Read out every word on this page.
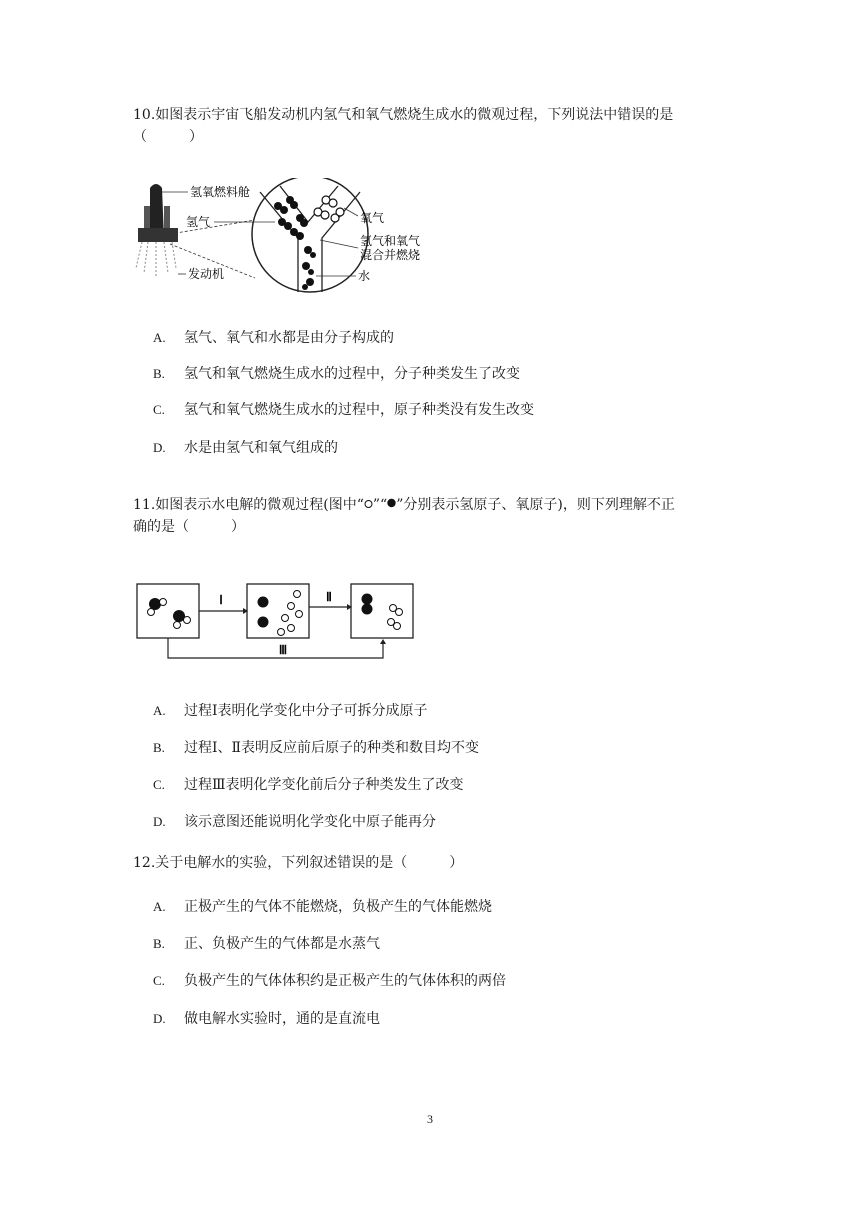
10.如图表示宇宙飞船发动机内氢气和氧气燃烧生成水的微观过程，下列说法中错误的是
（　　　）
氢氧燃料舱
氢气	氧气
氢气和氧气
混合并燃烧
水
发动机
A. 氢气、氧气和水都是由分子构成的
B. 氢气和氧气燃烧生成水的过程中，分子种类发生了改变
C. 氢气和氧气燃烧生成水的过程中，原子种类没有发生改变
D. 水是由氢气和氧气组成的
11.如图表示水电解的微观过程(图中“ ”“ ”分别表示氢原子、氧原子)，则下列理解不正
确的是（　　　）
Ⅰ	Ⅱ
Ⅲ
A. 过程Ⅰ表明化学变化中分子可拆分成原子
B. 过程Ⅰ、Ⅱ表明反应前后原子的种类和数目均不变
C. 过程Ⅲ表明化学变化前后分子种类发生了改变
D. 该示意图还能说明化学变化中原子能再分
12.关于电解水的实验，下列叙述错误的是（　　　）
A. 正极产生的气体不能燃烧，负极产生的气体能燃烧
B. 正、负极产生的气体都是水蒸气
C. 负极产生的气体体积约是正极产生的气体体积的两倍
D. 做电解水实验时，通的是直流电
3
